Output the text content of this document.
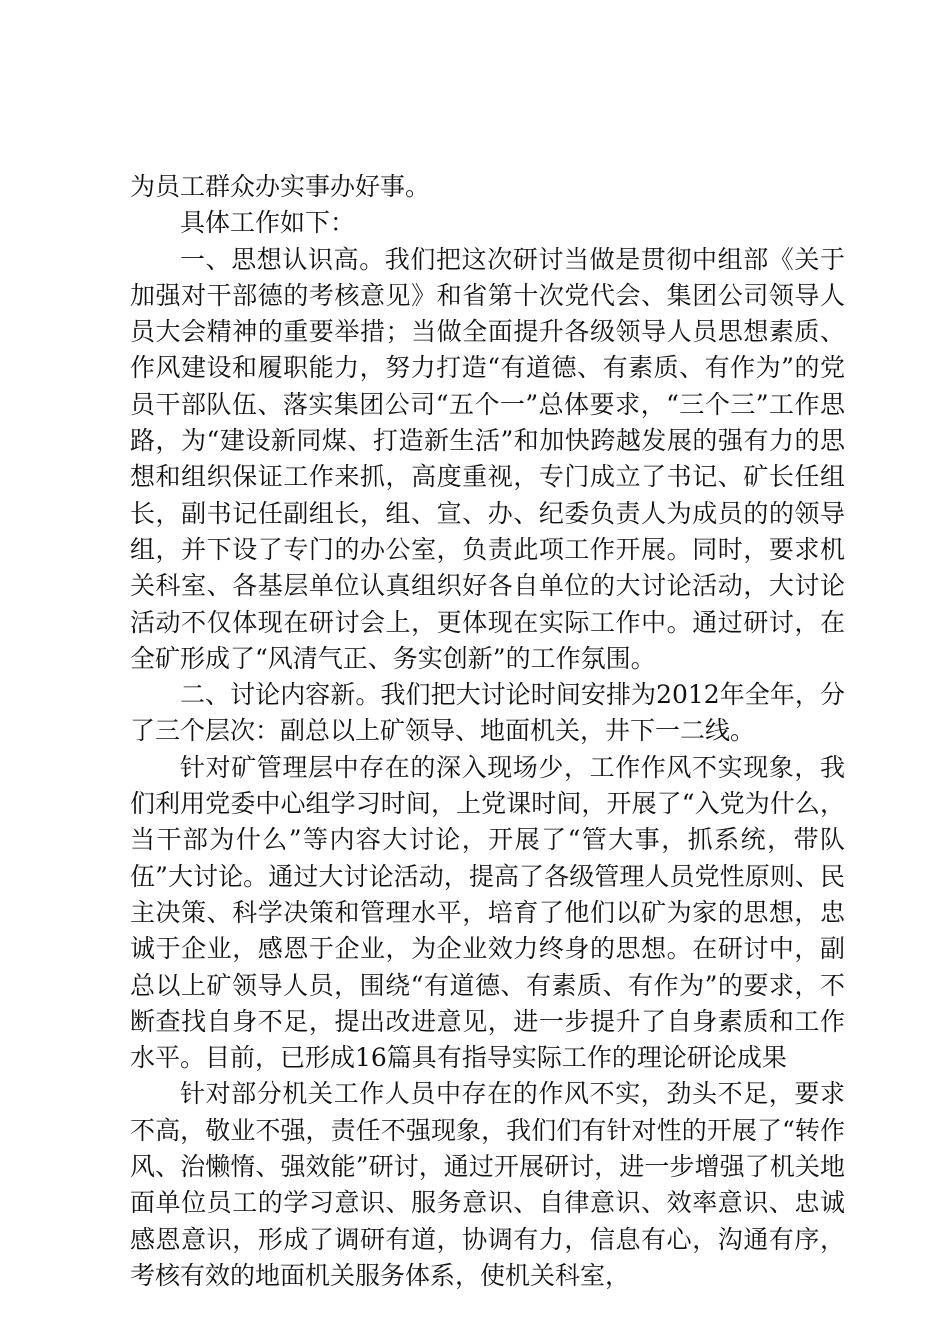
为员工群众办实事办好事。

具体工作如下：

一、思想认识高。我们把这次研讨当做是贯彻中组部《关于加强对干部德的考核意见》和省第十次党代会、集团公司领导人员大会精神的重要举措；当做全面提升各级领导人员思想素质、作风建设和履职能力，努力打造“有道德、有素质、有作为”的党员干部队伍、落实集团公司“五个一”总体要求，“三个三”工作思路，为“建设新同煤、打造新生活”和加快跨越发展的强有力的思想和组织保证工作来抓，高度重视，专门成立了书记、矿长任组长，副书记任副组长，组、宣、办、纪委负责人为成员的的领导组，并下设了专门的办公室，负责此项工作开展。同时，要求机关科室、各基层单位认真组织好各自单位的大讨论活动，大讨论活动不仅体现在研讨会上，更体现在实际工作中。通过研讨，在全矿形成了“风清气正、务实创新”的工作氛围。

二、讨论内容新。我们把大讨论时间安排为2012年全年，分了三个层次：副总以上矿领导、地面机关，井下一二线。

针对矿管理层中存在的深入现场少，工作作风不实现象，我们利用党委中心组学习时间，上党课时间，开展了“入党为什么，当干部为什么”等内容大讨论，开展了“管大事，抓系统，带队伍”大讨论。通过大讨论活动，提高了各级管理人员党性原则、民主决策、科学决策和管理水平，培育了他们以矿为家的思想，忠诚于企业，感恩于企业，为企业效力终身的思想。在研讨中，副总以上矿领导人员，围绕“有道德、有素质、有作为”的要求，不断查找自身不足，提出改进意见，进一步提升了自身素质和工作水平。目前，已形成16篇具有指导实际工作的理论研论成果

针对部分机关工作人员中存在的作风不实，劲头不足，要求不高，敬业不强，责任不强现象，我们们有针对性的开展了“转作风、治懒惰、强效能”研讨，通过开展研讨，进一步增强了机关地面单位员工的学习意识、服务意识、自律意识、效率意识、忠诚感恩意识，形成了调研有道，协调有力，信息有心，沟通有序，考核有效的地面机关服务体系，使机关科室，
